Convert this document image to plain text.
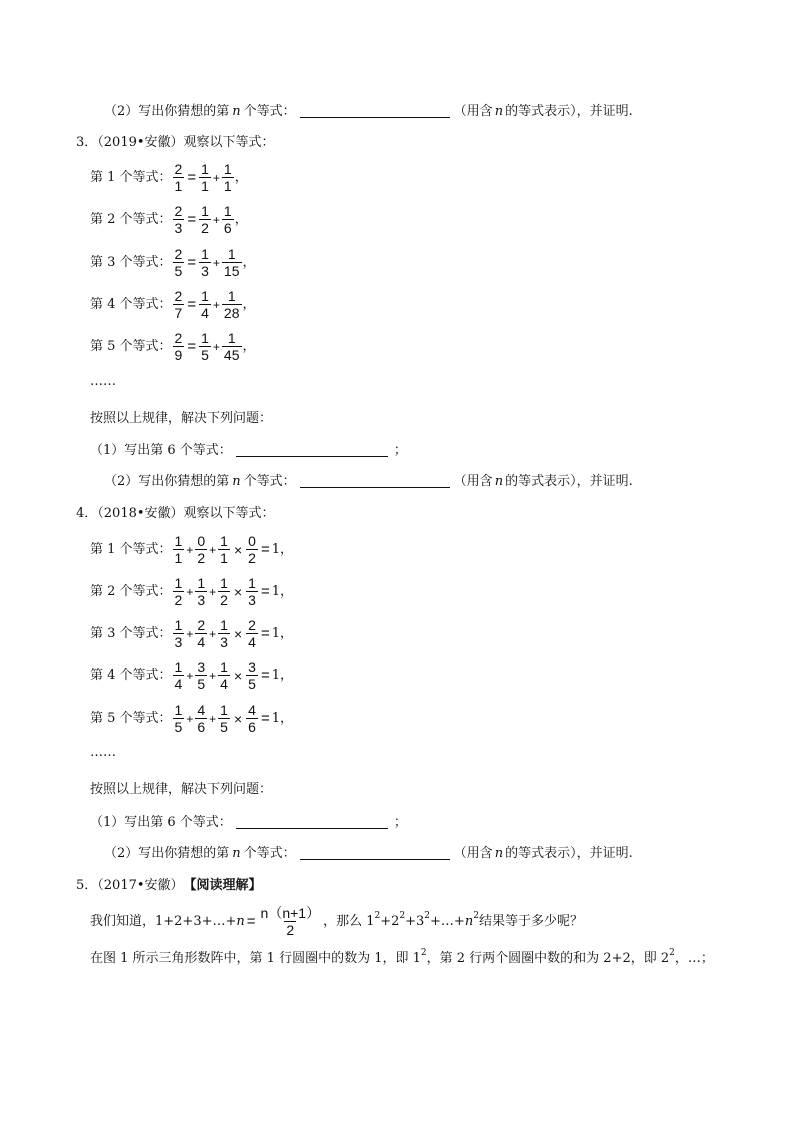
（2）写出你猜想的第 n 个等式：	（用含 n 的等式表示），并证明.
3．（2019•安徽）观察以下等式：
第 1 个等式： $\frac{2}{1} = \frac{1}{1} + \frac{1}{1}$ ，
第 2 个等式： $\frac{2}{3} = \frac{1}{2} + \frac{1}{6}$ ，
第 3 个等式： $\frac{2}{5} = \frac{1}{3} + \frac{1}{15}$ ，
第 4 个等式： $\frac{2}{7} = \frac{1}{4} + \frac{1}{28}$ ，
第 5 个等式： $\frac{2}{9} = \frac{1}{5} + \frac{1}{45}$ ，
……
按照以上规律，解决下列问题：
（1）写出第 6 个等式：	；
（2）写出你猜想的第 n 个等式：	（用含 n 的等式表示），并证明.
4．（2018•安徽）观察以下等式：
第 1 个等式： $\frac{1}{1} + \frac{0}{2} + \frac{1}{1} \times \frac{0}{2} = 1$ ，
第 2 个等式： $\frac{1}{2} + \frac{1}{3} + \frac{1}{2} \times \frac{1}{3} = 1$ ，
第 3 个等式： $\frac{1}{3} + \frac{2}{4} + \frac{1}{3} \times \frac{2}{4} = 1$ ，
第 4 个等式： $\frac{1}{4} + \frac{3}{5} + \frac{1}{4} \times \frac{3}{5} = 1$ ，
第 5 个等式： $\frac{1}{5} + \frac{4}{6} + \frac{1}{5} \times \frac{4}{6} = 1$ ，
……
按照以上规律，解决下列问题：
（1）写出第 6 个等式：	；
（2）写出你猜想的第 n 个等式：	（用含 n 的等式表示），并证明.
5．（2017•安徽） 【阅读理解】
我们知道，1+2+3+…+ $n = \frac{n(n+1)}{2}$ ，那么 1 2 +2 2 +3 2 +…+ n 2 结果等于多少呢？
在图 1 所示三角形数阵中，第 1 行圆圈中的数为 1，即 1 2 ，第 2 行两个圆圈中数的和为 2+2，即 2 2 ，…；
